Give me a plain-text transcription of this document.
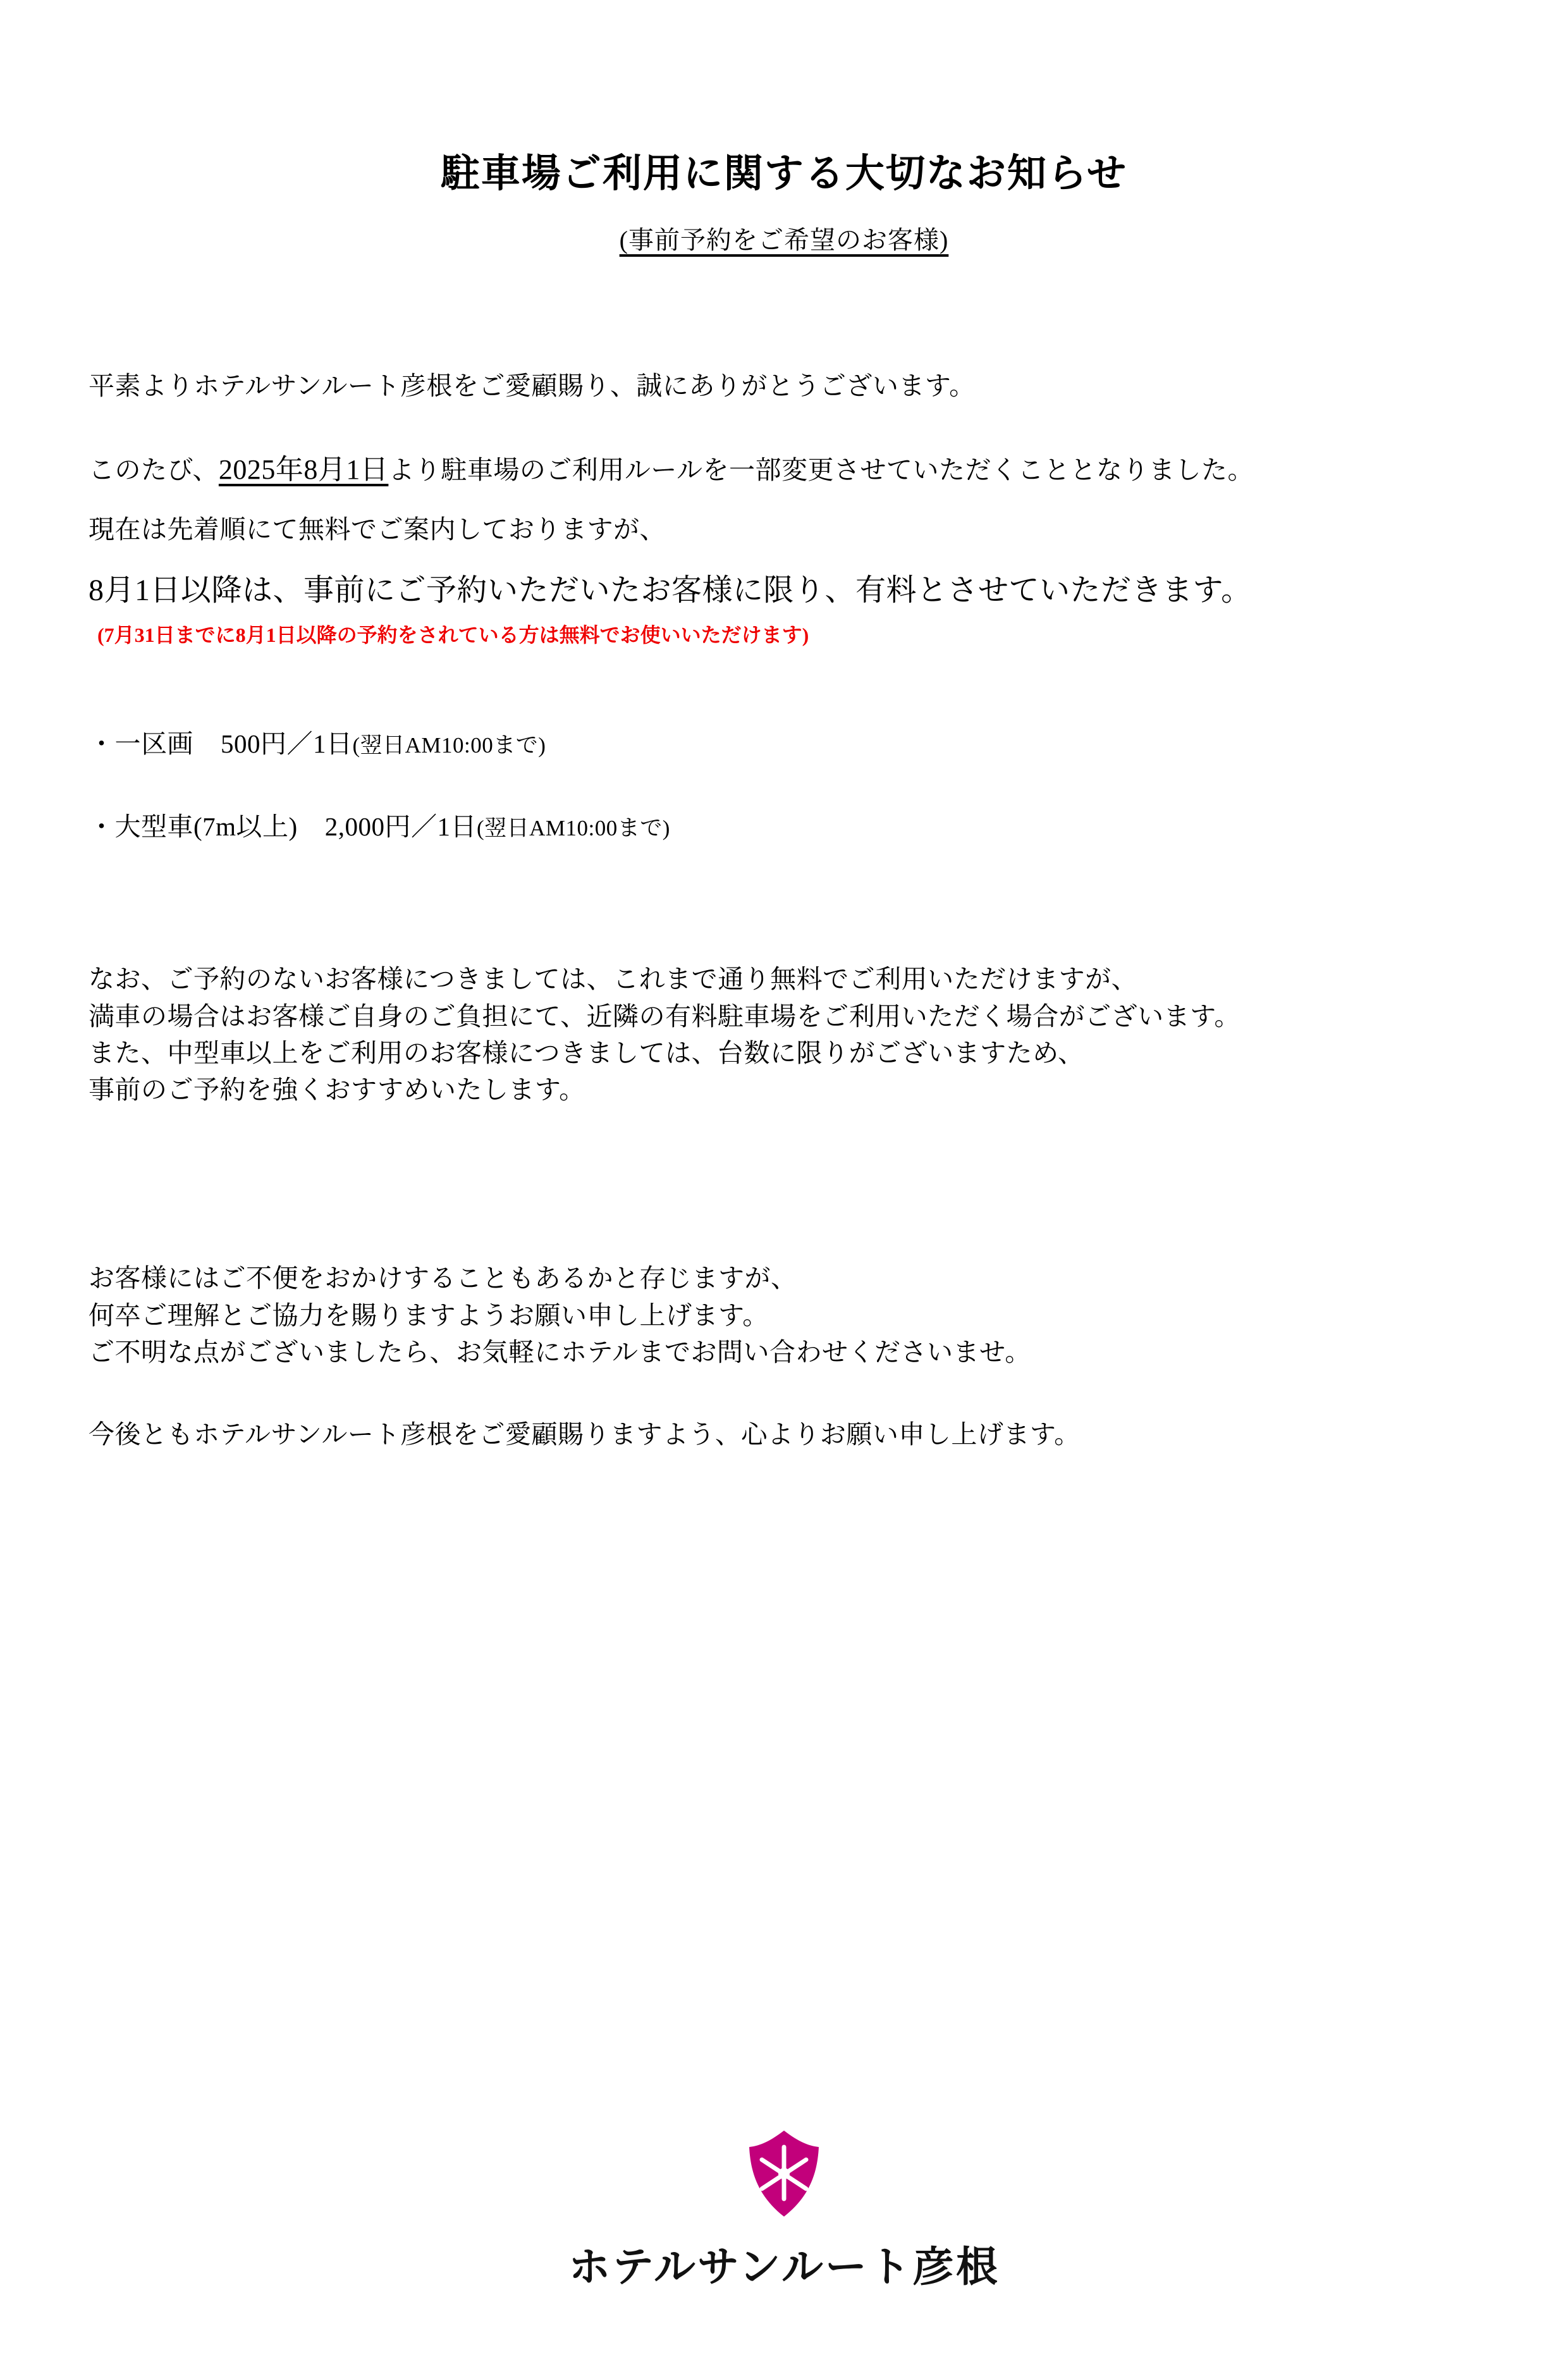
駐車場ご利用に関する大切なお知らせ
(事前予約をご希望のお客様)

平素よりホテルサンルート彦根をご愛顧賜り、誠にありがとうございます。

このたび、2025年8月1日より駐車場のご利用ルールを一部変更させていただくこととなりました。

現在は先着順にて無料でご案内しておりますが、

8月1日以降は、事前にご予約いただいたお客様に限り、有料とさせていただきます。

(7月31日までに8月1日以降の予約をされている方は無料でお使いいただけます)

・一区画 500円／1日(翌日AM10:00まで)

・大型車(7m以上) 2,000円／1日(翌日AM10:00まで)

なお、ご予約のないお客様につきましては、これまで通り無料でご利用いただけますが、

満車の場合はお客様ご自身のご負担にて、近隣の有料駐車場をご利用いただく場合がございます。

また、中型車以上をご利用のお客様につきましては、台数に限りがございますため、

事前のご予約を強くおすすめいたします。

お客様にはご不便をおかけすることもあるかと存じますが、

何卒ご理解とご協力を賜りますようお願い申し上げます。

ご不明な点がございましたら、お気軽にホテルまでお問い合わせくださいませ。

今後ともホテルサンルート彦根をご愛顧賜りますよう、心よりお願い申し上げます。

ホテルサンルート彦根
